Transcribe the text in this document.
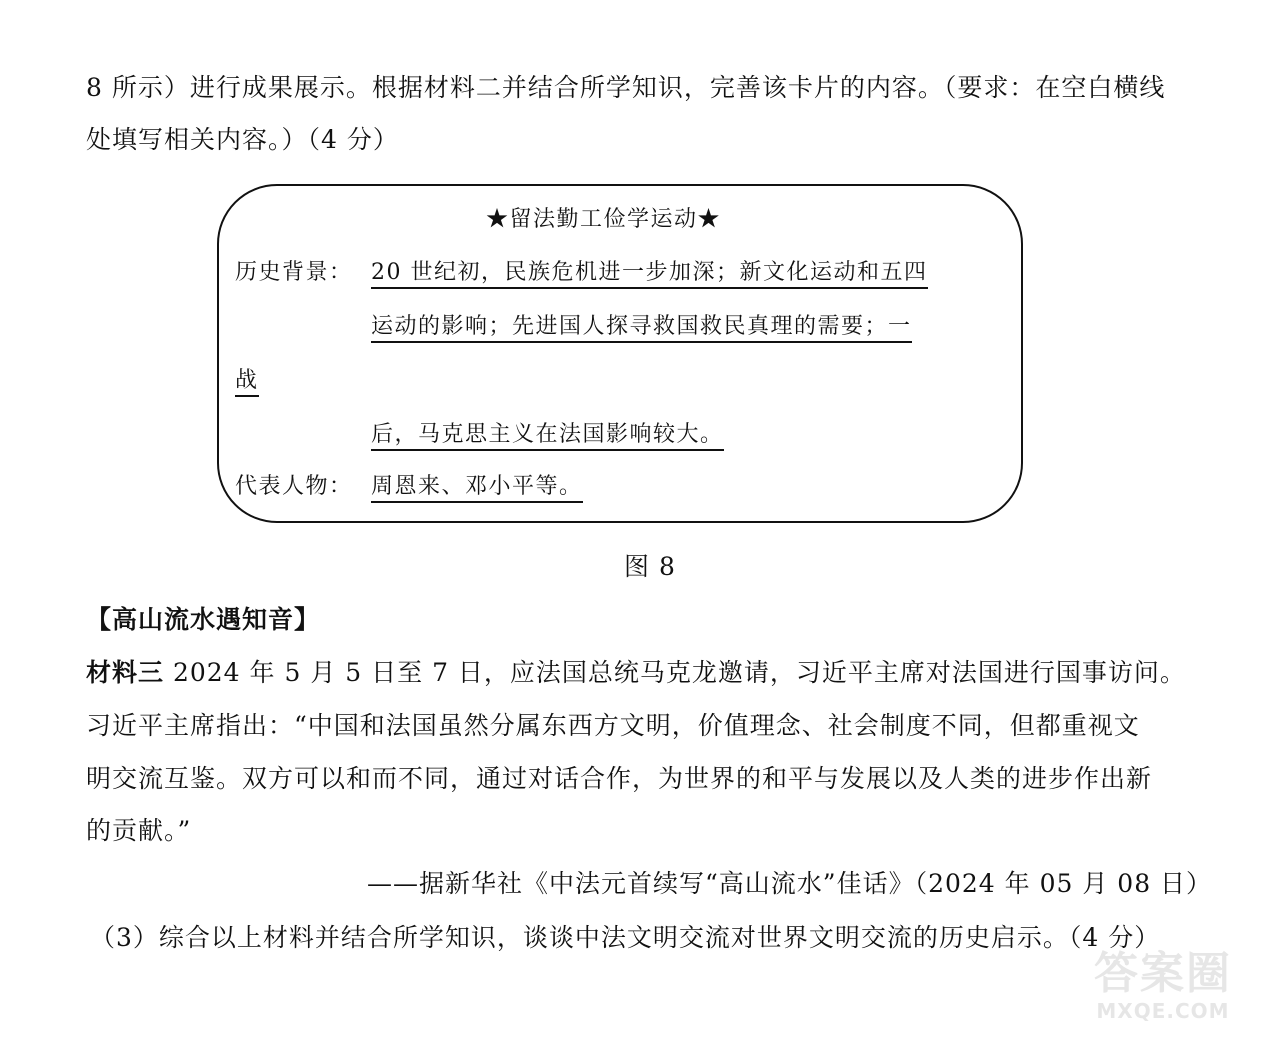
8 所示）进行成果展示。根据材料二并结合所学知识，完善该卡片的内容。（要求：在空白横线
处填写相关内容。）（4 分）
★留法勤工俭学运动★
历史背景： 20 世纪初，民族危机进一步加深；新文化运动和五四
运动的影响；先进国人探寻救国救民真理的需要；一
战
后，马克思主义在法国影响较大。
代表人物： 周恩来、邓小平等。
图 8
【高山流水遇知音】
材料三 2024 年 5 月 5 日至 7 日，应法国总统马克龙邀请，习近平主席对法国进行国事访问。
习近平主席指出：“中国和法国虽然分属东西方文明，价值理念、社会制度不同，但都重视文
明交流互鉴。双方可以和而不同，通过对话合作，为世界的和平与发展以及人类的进步作出新
的贡献。”
——据新华社《中法元首续写“高山流水”佳话》（2024 年 05 月 08 日）
（3）综合以上材料并结合所学知识，谈谈中法文明交流对世界文明交流的历史启示。（4 分）
答案圈
MXQE.COM
